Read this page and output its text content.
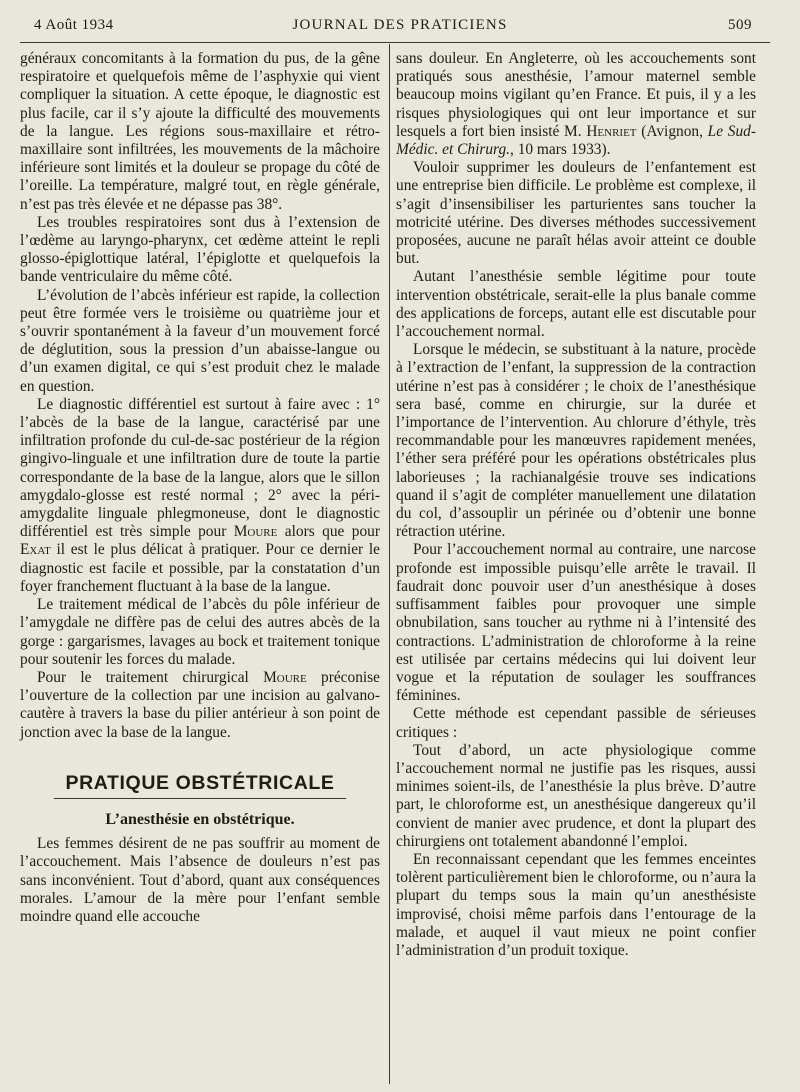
4 Août 1934	JOURNAL DES PRATICIENS	509

généraux concomitants à la formation du pus, de la gêne respiratoire et quelquefois même de l’asphyxie qui vient compliquer la situation. A cette époque, le diagnostic est plus facile, car il s’y ajoute la difficulté des mouvements de la langue. Les régions sous-maxillaire et rétro-maxillaire sont infiltrées, les mouvements de la mâchoire inférieure sont limités et la douleur se propage du côté de l’oreille. La température, malgré tout, en règle générale, n’est pas très élevée et ne dépasse pas 38°.

Les troubles respiratoires sont dus à l’extension de l’œdème au laryngo-pharynx, cet œdème atteint le repli glosso-épiglottique latéral, l’épiglotte et quelquefois la bande ventriculaire du même côté.

L’évolution de l’abcès inférieur est rapide, la collection peut être formée vers le troisième ou quatrième jour et s’ouvrir spontanément à la faveur d’un mouvement forcé de déglutition, sous la pression d’un abaisse-langue ou d’un examen digital, ce qui s’est produit chez le malade en question.

Le diagnostic différentiel est surtout à faire avec : 1° l’abcès de la base de la langue, caractérisé par une infiltration profonde du cul-de-sac postérieur de la région gingivo-linguale et une infiltration dure de toute la partie correspondante de la base de la langue, alors que le sillon amygdalo-glosse est resté normal ; 2° avec la péri-amygdalite linguale phlegmoneuse, dont le diagnostic différentiel est très simple pour Moure alors que pour Exat il est le plus délicat à pratiquer. Pour ce dernier le diagnostic est facile et possible, par la constatation d’un foyer franchement fluctuant à la base de la langue.

Le traitement médical de l’abcès du pôle inférieur de l’amygdale ne diffère pas de celui des autres abcès de la gorge : gargarismes, lavages au bock et traitement tonique pour soutenir les forces du malade.

Pour le traitement chirurgical Moure préconise l’ouverture de la collection par une incision au galvano-cautère à travers la base du pilier antérieur à son point de jonction avec la base de la langue.

PRATIQUE OBSTÉTRICALE
L’anesthésie en obstétrique.

Les femmes désirent de ne pas souffrir au moment de l’accouchement. Mais l’absence de douleurs n’est pas sans inconvénient. Tout d’abord, quant aux conséquences morales. L’amour de la mère pour l’enfant semble moindre quand elle accouche

sans douleur. En Angleterre, où les accouchements sont pratiqués sous anesthésie, l’amour maternel semble beaucoup moins vigilant qu’en France. Et puis, il y a les risques physiologiques qui ont leur importance et sur lesquels a fort bien insisté M. Henriet (Avignon, Le Sud-Médic. et Chirurg., 10 mars 1933).

Vouloir supprimer les douleurs de l’enfantement est une entreprise bien difficile. Le problème est complexe, il s’agit d’insensibiliser les parturientes sans toucher la motricité utérine. Des diverses méthodes successivement proposées, aucune ne paraît hélas avoir atteint ce double but.

Autant l’anesthésie semble légitime pour toute intervention obstétricale, serait-elle la plus banale comme des applications de forceps, autant elle est discutable pour l’accouchement normal.

Lorsque le médecin, se substituant à la nature, procède à l’extraction de l’enfant, la suppression de la contraction utérine n’est pas à considérer ; le choix de l’anesthésique sera basé, comme en chirurgie, sur la durée et l’importance de l’intervention. Au chlorure d’éthyle, très recommandable pour les manœuvres rapidement menées, l’éther sera préféré pour les opérations obstétricales plus laborieuses ; la rachianalgésie trouve ses indications quand il s’agit de compléter manuellement une dilatation du col, d’assouplir un périnée ou d’obtenir une bonne rétraction utérine.

Pour l’accouchement normal au contraire, une narcose profonde est impossible puisqu’elle arrête le travail. Il faudrait donc pouvoir user d’un anesthésique à doses suffisamment faibles pour provoquer une simple obnubilation, sans toucher au rythme ni à l’intensité des contractions. L’administration de chloroforme à la reine est utilisée par certains médecins qui lui doivent leur vogue et la réputation de soulager les souffrances féminines.

Cette méthode est cependant passible de sérieuses critiques :

Tout d’abord, un acte physiologique comme l’accouchement normal ne justifie pas les risques, aussi minimes soient-ils, de l’anesthésie la plus brève. D’autre part, le chloroforme est, un anesthésique dangereux qu’il convient de manier avec prudence, et dont la plupart des chirurgiens ont totalement abandonné l’emploi.

En reconnaissant cependant que les femmes enceintes tolèrent particulièrement bien le chloroforme, ou n’aura la plupart du temps sous la main qu’un anesthésiste improvisé, choisi même parfois dans l’entourage de la malade, et auquel il vaut mieux ne point confier l’administration d’un produit toxique.
